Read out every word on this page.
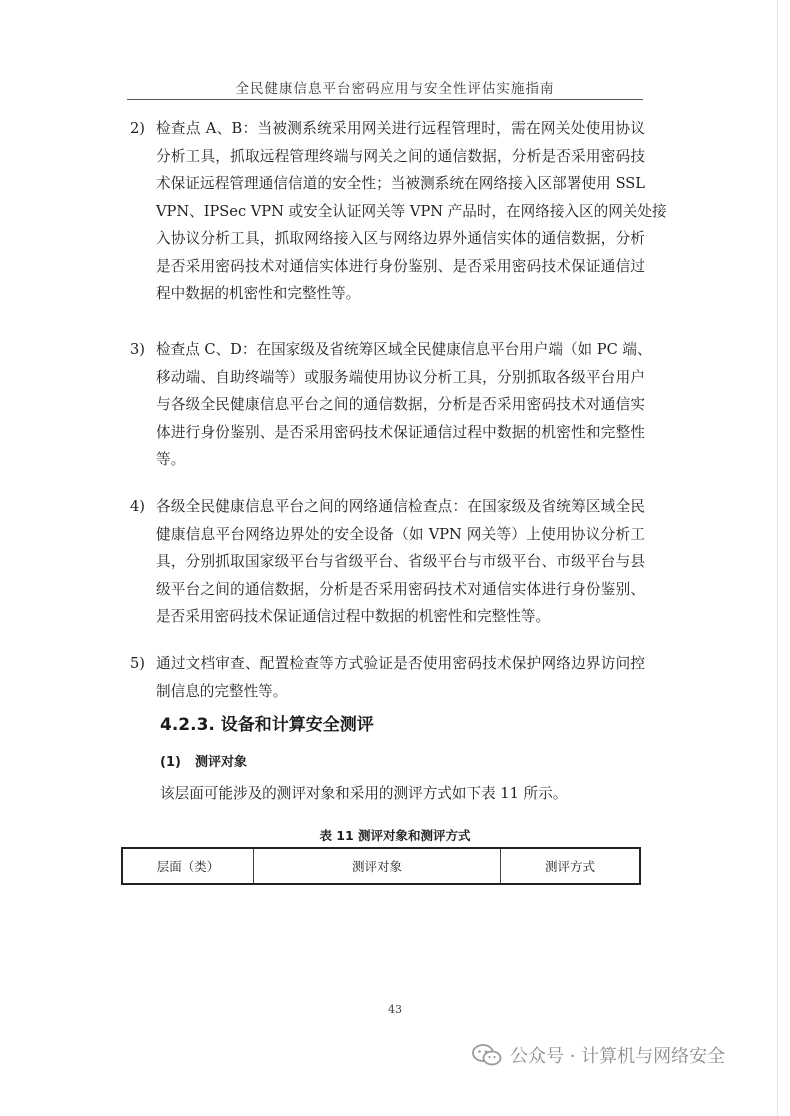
全民健康信息平台密码应用与安全性评估实施指南
2) 检查点 A、B：当被测系统采用网关进行远程管理时，需在网关处使用协议
分析工具，抓取远程管理终端与网关之间的通信数据，分析是否采用密码技
术保证远程管理通信信道的安全性；当被测系统在网络接入区部署使用 SSL
VPN、IPSec VPN 或安全认证网关等 VPN 产品时，在网络接入区的网关处接
入协议分析工具，抓取网络接入区与网络边界外通信实体的通信数据，分析
是否采用密码技术对通信实体进行身份鉴别、是否采用密码技术保证通信过
程中数据的机密性和完整性等。
3) 检查点 C、D：在国家级及省统筹区域全民健康信息平台用户端（如 PC 端、
移动端、自助终端等）或服务端使用协议分析工具，分别抓取各级平台用户
与各级全民健康信息平台之间的通信数据，分析是否采用密码技术对通信实
体进行身份鉴别、是否采用密码技术保证通信过程中数据的机密性和完整性
等。
4) 各级全民健康信息平台之间的网络通信检查点：在国家级及省统筹区域全民
健康信息平台网络边界处的安全设备（如 VPN 网关等）上使用协议分析工
具，分别抓取国家级平台与省级平台、省级平台与市级平台、市级平台与县
级平台之间的通信数据，分析是否采用密码技术对通信实体进行身份鉴别、
是否采用密码技术保证通信过程中数据的机密性和完整性等。
5) 通过文档审查、配置检查等方式验证是否使用密码技术保护网络边界访问控
制信息的完整性等。
4.2.3. 设备和计算安全测评
(1) 测评对象
该层面可能涉及的测评对象和采用的测评方式如下表 11 所示。
表 11 测评对象和测评方式
层面（类）	测评对象	测评方式
43
公众号 · 计算机与网络安全
